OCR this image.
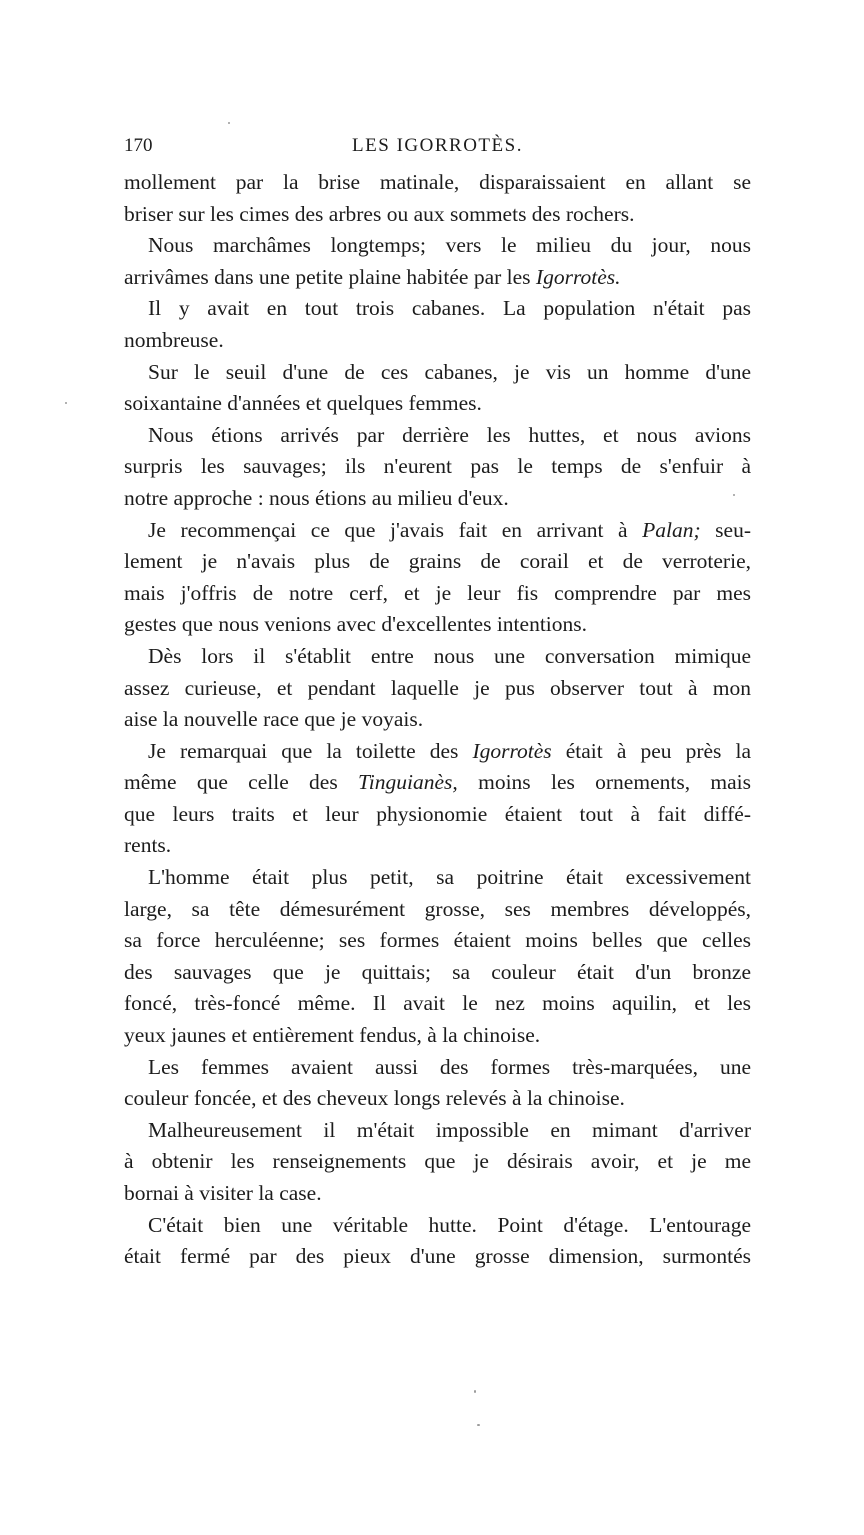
170	LES IGORROTÈS.

mollement par la brise matinale, disparaissaient en allant se
briser sur les cimes des arbres ou aux sommets des rochers.

Nous marchâmes longtemps; vers le milieu du jour, nous
arrivâmes dans une petite plaine habitée par les Igorrotès.

Il y avait en tout trois cabanes. La population n'était pas
nombreuse.

Sur le seuil d'une de ces cabanes, je vis un homme d'une
soixantaine d'années et quelques femmes.

Nous étions arrivés par derrière les huttes, et nous avions
surpris les sauvages; ils n'eurent pas le temps de s'enfuir à
notre approche : nous étions au milieu d'eux.

Je recommençai ce que j'avais fait en arrivant à Palan; seu-
lement je n'avais plus de grains de corail et de verroterie,
mais j'offris de notre cerf, et je leur fis comprendre par mes
gestes que nous venions avec d'excellentes intentions.

Dès lors il s'établit entre nous une conversation mimique
assez curieuse, et pendant laquelle je pus observer tout à mon
aise la nouvelle race que je voyais.

Je remarquai que la toilette des Igorrotès était à peu près la
même que celle des Tinguianès, moins les ornements, mais
que leurs traits et leur physionomie étaient tout à fait diffé-
rents.

L'homme était plus petit, sa poitrine était excessivement
large, sa tête démesurément grosse, ses membres développés,
sa force herculéenne; ses formes étaient moins belles que celles
des sauvages que je quittais; sa couleur était d'un bronze
foncé, très-foncé même. Il avait le nez moins aquilin, et les
yeux jaunes et entièrement fendus, à la chinoise.

Les femmes avaient aussi des formes très-marquées, une
couleur foncée, et des cheveux longs relevés à la chinoise.

Malheureusement il m'était impossible en mimant d'arriver
à obtenir les renseignements que je désirais avoir, et je me
bornai à visiter la case.

C'était bien une véritable hutte. Point d'étage. L'entourage
était fermé par des pieux d'une grosse dimension, surmontés
